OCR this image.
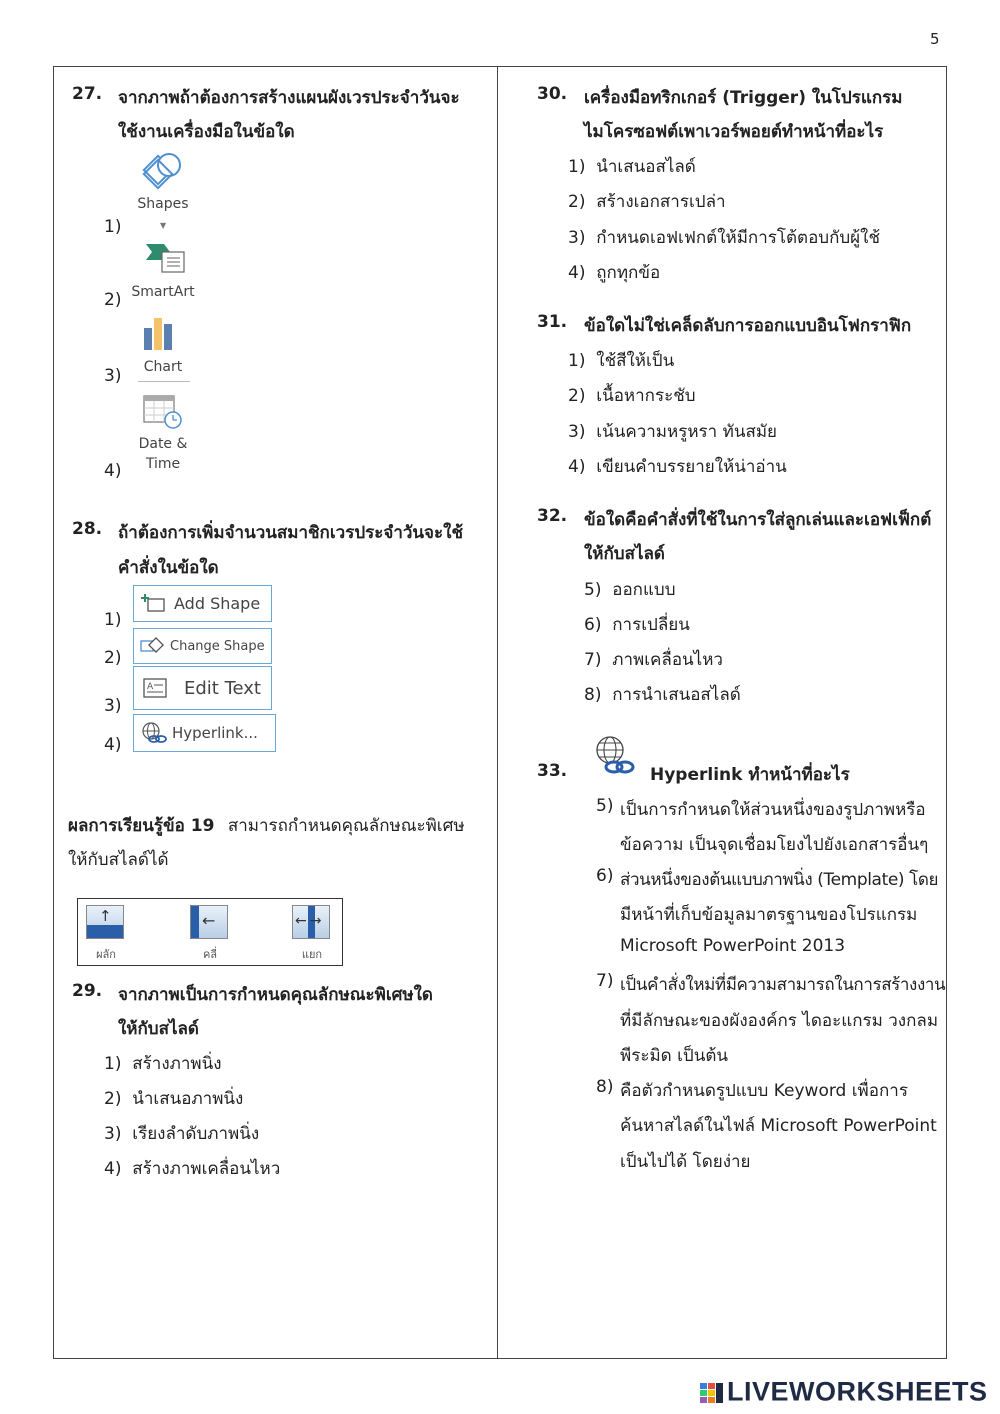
5
27. จากภาพถ้าต้องการสร้างแผนผังเวรประจำวันจะ
ใช้งานเครื่องมือในข้อใด
1)
Shapes
▼
2) SmartArt
3)	Chart
4)
Date &
Time
28. ถ้าต้องการเพิ่มจำนวนสมาชิกเวรประจำวันจะใช้
คำสั่งในข้อใด
1)
Add Shape
2)
Change Shape
3)
A Edit Text
4)
Hyperlink...
ผลการเรียนรู้ข้อ 19 สามารถกำหนดคุณลักษณะพิเศษ
ให้กับสไลด์ได้
↑
ผลัก
←
คลี่
←→
แยก
29. จากภาพเป็นการกำหนดคุณลักษณะพิเศษใด
ให้กับสไลด์
1) สร้างภาพนิ่ง
2) นำเสนอภาพนิ่ง
3) เรียงลำดับภาพนิ่ง
4) สร้างภาพเคลื่อนไหว
30. เครื่องมือทริกเกอร์ (Trigger) ในโปรแกรม
ไมโครซอฟต์เพาเวอร์พอยต์ทำหน้าที่อะไร
1) นำเสนอสไลด์
2) สร้างเอกสารเปล่า
3) กำหนดเอฟเฟกต์ให้มีการโต้ตอบกับผู้ใช้
4) ถูกทุกข้อ
31. ข้อใดไม่ใช่เคล็ดลับการออกแบบอินโฟกราฟิก
1) ใช้สีให้เป็น
2) เนื้อหากระชับ
3) เน้นความหรูหรา ทันสมัย
4) เขียนคำบรรยายให้น่าอ่าน
32. ข้อใดคือคำสั่งที่ใช้ในการใส่ลูกเล่นและเอฟเฟ็กต์
ให้กับสไลด์
5) ออกแบบ
6) การเปลี่ยน
7) ภาพเคลื่อนไหว
8) การนำเสนอสไลด์
33.	Hyperlink ทำหน้าที่อะไร
5) เป็นการกำหนดให้ส่วนหนึ่งของรูปภาพหรือ
ข้อความ เป็นจุดเชื่อมโยงไปยังเอกสารอื่นๆ
6) ส่วนหนึ่งของต้นแบบภาพนิ่ง (Template) โดย
มีหน้าที่เก็บข้อมูลมาตรฐานของโปรแกรม
Microsoft PowerPoint 2013
7) เป็นคำสั่งใหม่ที่มีความสามารถในการสร้างงาน
ที่มีลักษณะของผังองค์กร ไดอะแกรม วงกลม
พีระมิด เป็นต้น
8) คือตัวกำหนดรูปแบบ Keyword เพื่อการ
ค้นหาสไลด์ในไฟล์ Microsoft PowerPoint
เป็นไปได้ โดยง่าย
LIVEWORKSHEETS
